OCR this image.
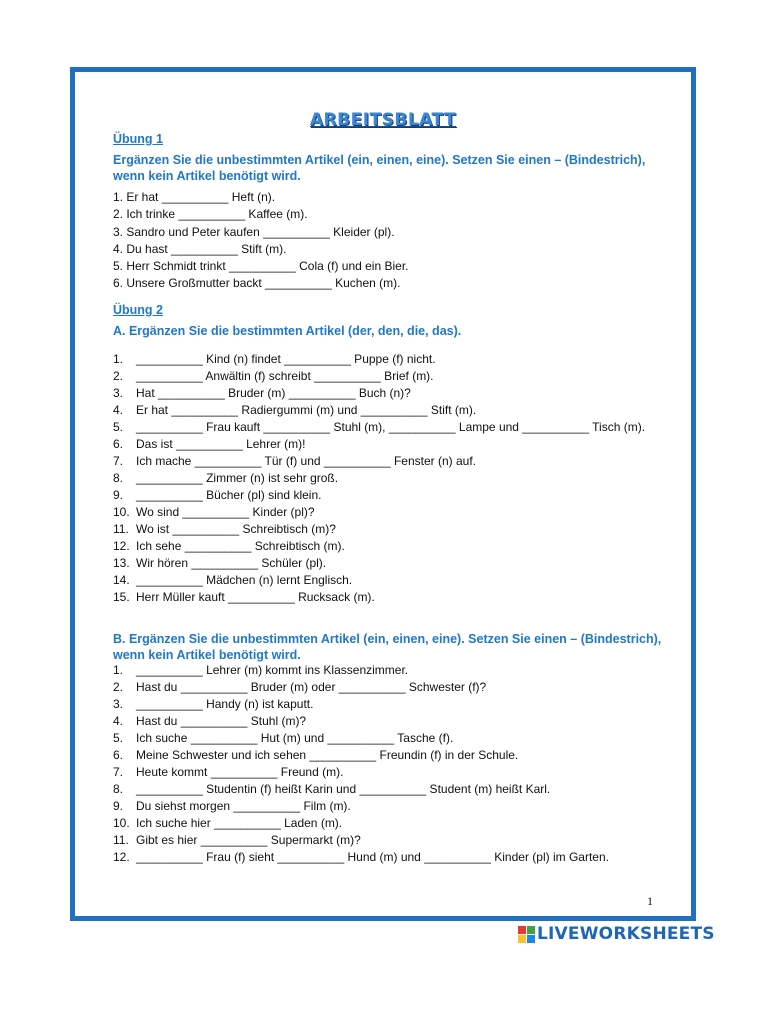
ARBEITSBLATT
Übung 1
Ergänzen Sie die unbestimmten Artikel (ein, einen, eine). Setzen Sie einen – (Bindestrich), wenn kein Artikel benötigt wird.
1. Er hat __________ Heft (n).
2. Ich trinke __________ Kaffee (m).
3. Sandro und Peter kaufen __________ Kleider (pl).
4. Du hast __________ Stift (m).
5. Herr Schmidt trinkt __________ Cola (f) und ein Bier.
6. Unsere Großmutter backt __________ Kuchen (m).
Übung 2
A. Ergänzen Sie die bestimmten Artikel (der, den, die, das).
1.	__________ Kind (n) findet __________ Puppe (f) nicht.
2.	__________ Anwältin (f) schreibt __________ Brief (m).
3.	Hat __________ Bruder (m) __________ Buch (n)?
4.	Er hat __________ Radiergummi (m) und __________ Stift (m).
5.	__________ Frau kauft __________ Stuhl (m), __________ Lampe und __________ Tisch (m).
6.	Das ist __________ Lehrer (m)!
7.	Ich mache __________ Tür (f) und __________ Fenster (n) auf.
8.	__________ Zimmer (n) ist sehr groß.
9.	__________ Bücher (pl) sind klein.
10. Wo sind __________ Kinder (pl)?
11. Wo ist __________ Schreibtisch (m)?
12. Ich sehe __________ Schreibtisch (m).
13. Wir hören __________ Schüler (pl).
14. __________ Mädchen (n) lernt Englisch.
15. Herr Müller kauft __________ Rucksack (m).
B. Ergänzen Sie die unbestimmten Artikel (ein, einen, eine). Setzen Sie einen – (Bindestrich), wenn kein Artikel benötigt wird.
1.	__________ Lehrer (m) kommt ins Klassenzimmer.
2.	Hast du __________ Bruder (m) oder __________ Schwester (f)?
3.	__________ Handy (n) ist kaputt.
4.	Hast du __________ Stuhl (m)?
5.	Ich suche __________ Hut (m) und __________ Tasche (f).
6.	Meine Schwester und ich sehen __________ Freundin (f) in der Schule.
7.	Heute kommt __________ Freund (m).
8.	__________ Studentin (f) heißt Karin und __________ Student (m) heißt Karl.
9.	Du siehst morgen __________ Film (m).
10. Ich suche hier __________ Laden (m).
11. Gibt es hier __________ Supermarkt (m)?
12. __________ Frau (f) sieht __________ Hund (m) und __________ Kinder (pl) im Garten.
1
LIVEWORKSHEETS
